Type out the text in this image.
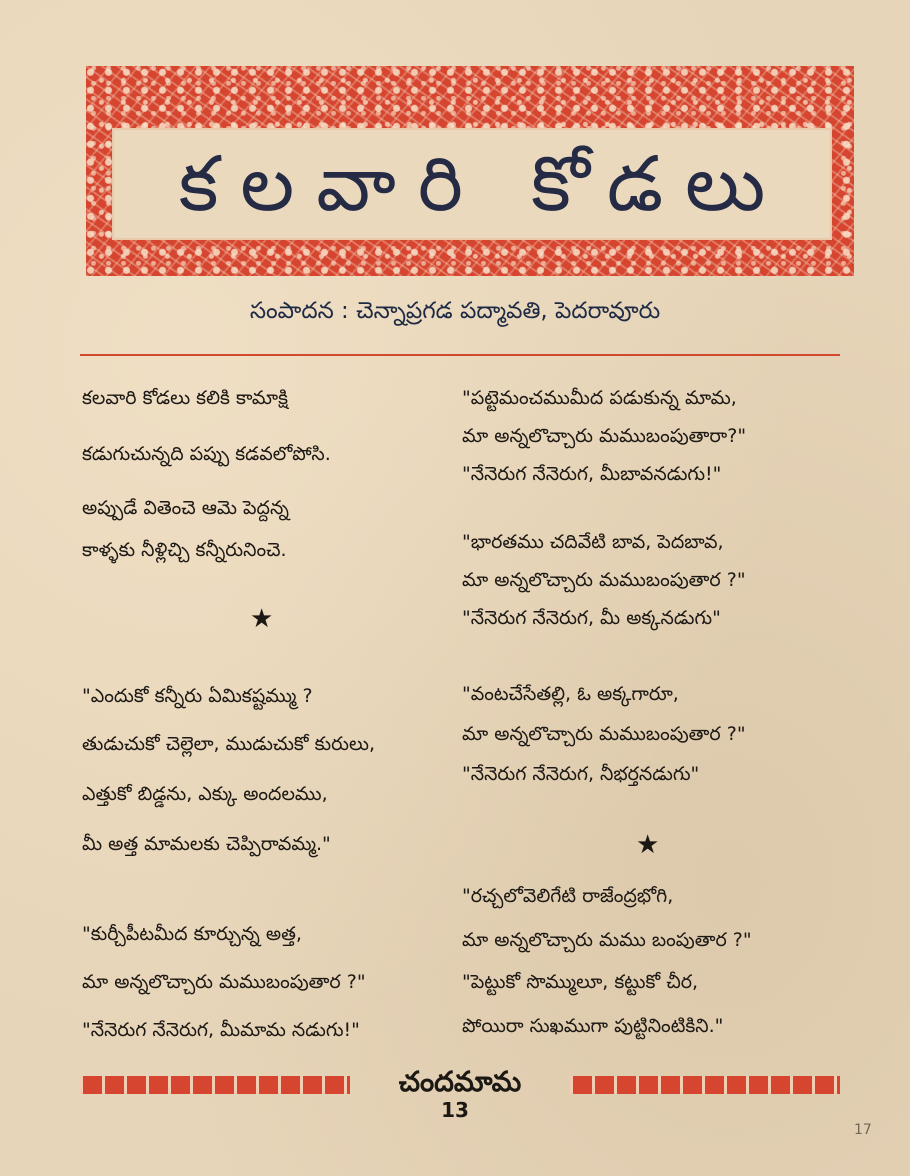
కలవారి కోడలు
సంపాదన : చెన్నాప్రగడ పద్మావతి, పెదరావూరు
కలవారి కోడలు కలికి కామాక్షి
కడుగుచున్నది పప్పు కడవలోపోసి.
అప్పుడే వితెంచె ఆమె పెద్దన్న
కాళ్ళకు నీళ్లిచ్చి కన్నీరునించె.
★
"ఎందుకో కన్నీరు ఏమికష్టమ్ము ?
తుడుచుకో చెల్లెలా, ముడుచుకో కురులు,
ఎత్తుకో బిడ్డను, ఎక్కు అందలము,
మీ అత్త మామలకు చెప్పిరావమ్మ."
"కుర్చీపీటమీద కూర్చున్న అత్త,
మా అన్నలొచ్చారు మముబంపుతార ?"
"నేనెరుగ నేనెరుగ, మీమామ నడుగు!"
"పట్టెమంచముమీద పడుకున్న మామ,
మా అన్నలొచ్చారు మముబంపుతారా?"
"నేనెరుగ నేనెరుగ, మీబావనడుగు!"
"భారతము చదివేటి బావ, పెదబావ,
మా అన్నలొచ్చారు మముబంపుతార ?"
"నేనెరుగ నేనెరుగ, మీ అక్కనడుగు"
"వంటచేసేతల్లి, ఓ అక్కగారూ,
మా అన్నలొచ్చారు మముబంపుతార ?"
"నేనెరుగ నేనెరుగ, నీభర్తనడుగు"
★
"రచ్చలోవెలిగేటి రాజేంద్రభోగి,
మా అన్నలొచ్చారు మము బంపుతార ?"
"పెట్టుకో సొమ్ములూ, కట్టుకో చీర,
పోయిరా సుఖముగా పుట్టినింటికిని."
చందమామ
13
17
